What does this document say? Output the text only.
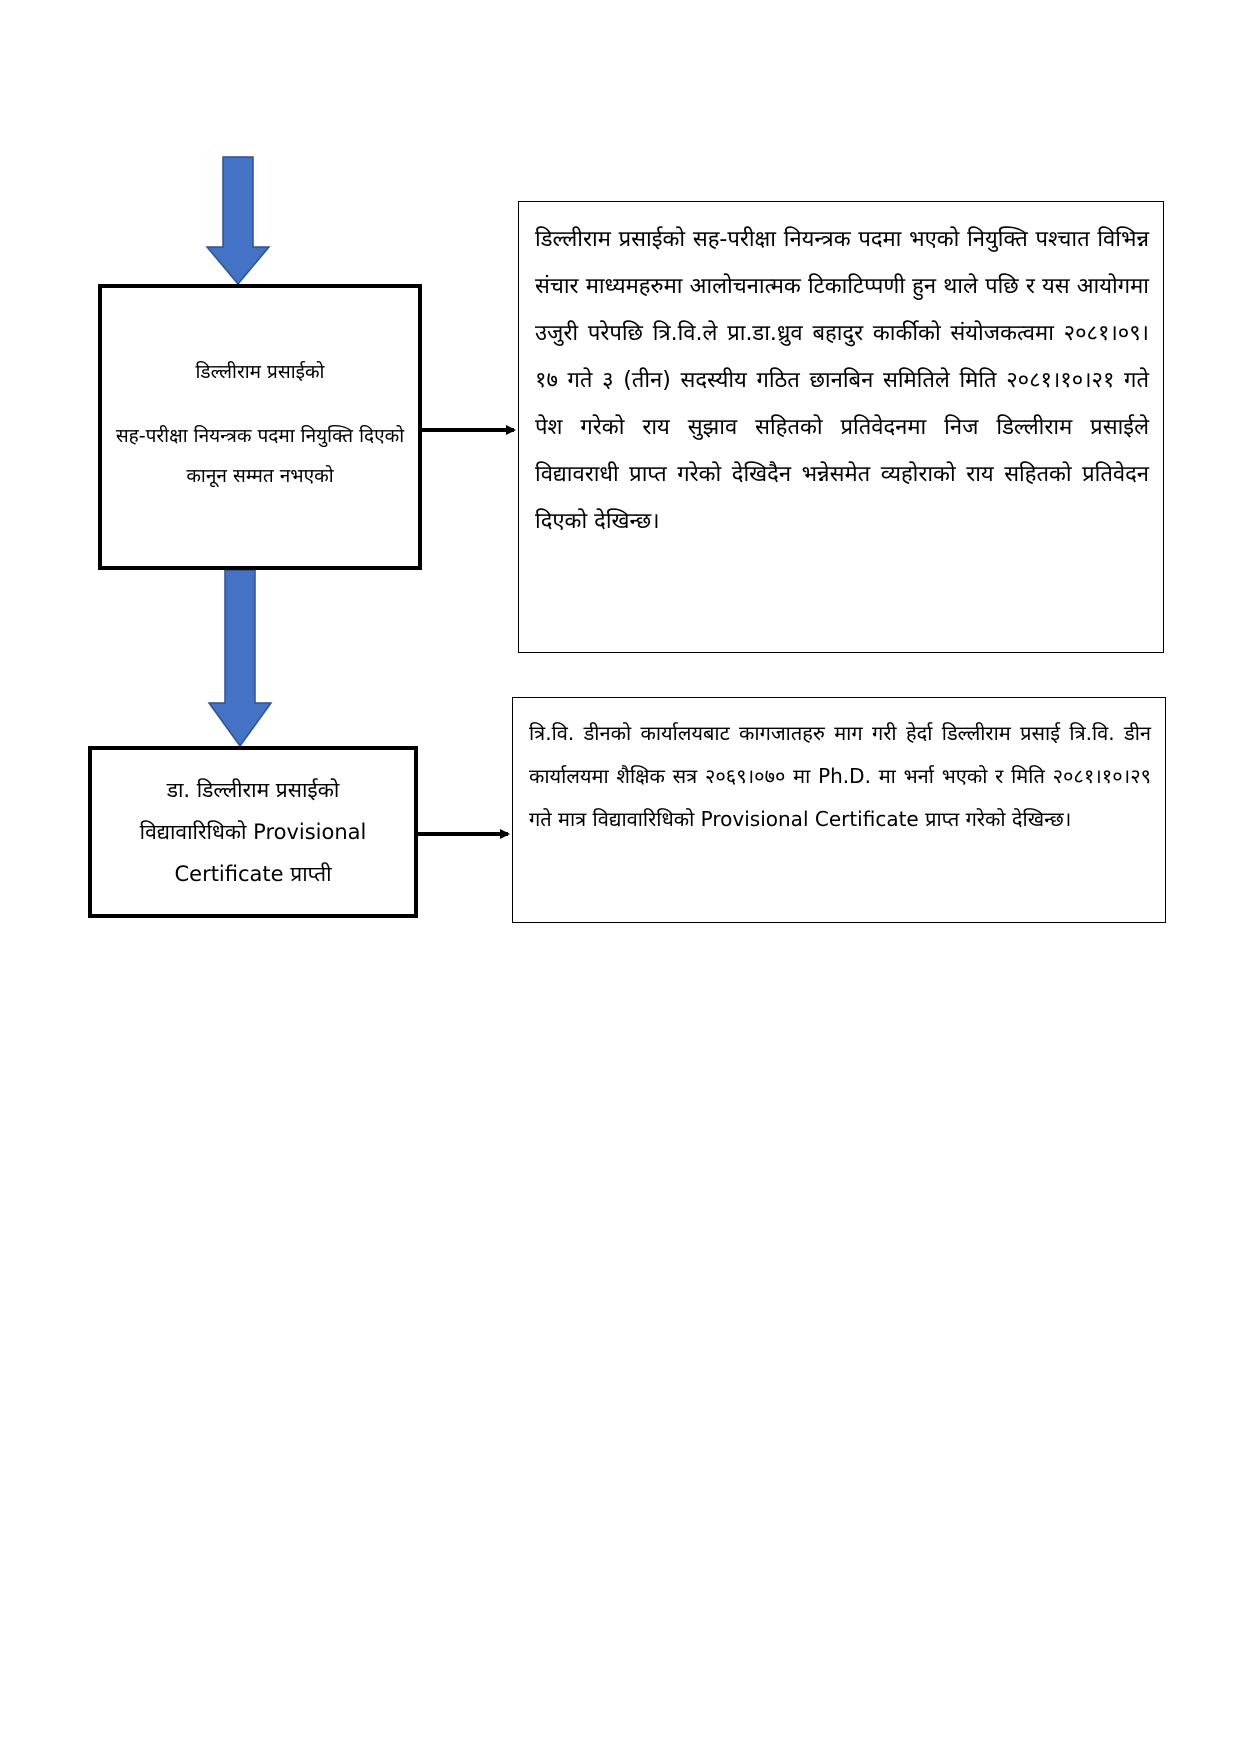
डिल्लीराम प्रसाईको
सह-परीक्षा नियन्त्रक पदमा नियुक्ति दिएको कानून सम्मत नभएको

डिल्लीराम प्रसाईको सह-परीक्षा नियन्त्रक पदमा भएको नियुक्ति पश्चात विभिन्न संचार माध्यमहरुमा आलोचनात्मक टिकाटिप्पणी हुन थाले पछि र यस आयोगमा उजुरी परेपछि त्रि.वि.ले प्रा.डा.ध्रुव बहादुर कार्कीको संयोजकत्वमा २०८१।०९।१७ गते ३ (तीन) सदस्यीय गठित छानबिन समितिले मिति २०८१।१०।२१ गते पेश गरेको राय सुझाव सहितको प्रतिवेदनमा निज डिल्लीराम प्रसाईले विद्यावराधी प्राप्त गरेको देखिदैन भन्नेसमेत व्यहोराको राय सहितको प्रतिवेदन दिएको देखिन्छ।

डा. डिल्लीराम प्रसाईको

विद्यावारिधिको Provisional

Certificate प्राप्ती

त्रि.वि. डीनको कार्यालयबाट कागजातहरु माग गरी हेर्दा डिल्लीराम प्रसाई त्रि.वि. डीन कार्यालयमा शैक्षिक सत्र २०६९।०७० मा Ph.D. मा भर्ना भएको र मिति २०८१।१०।२९ गते मात्र विद्यावारिधिको Provisional Certificate प्राप्त गरेको देखिन्छ।
